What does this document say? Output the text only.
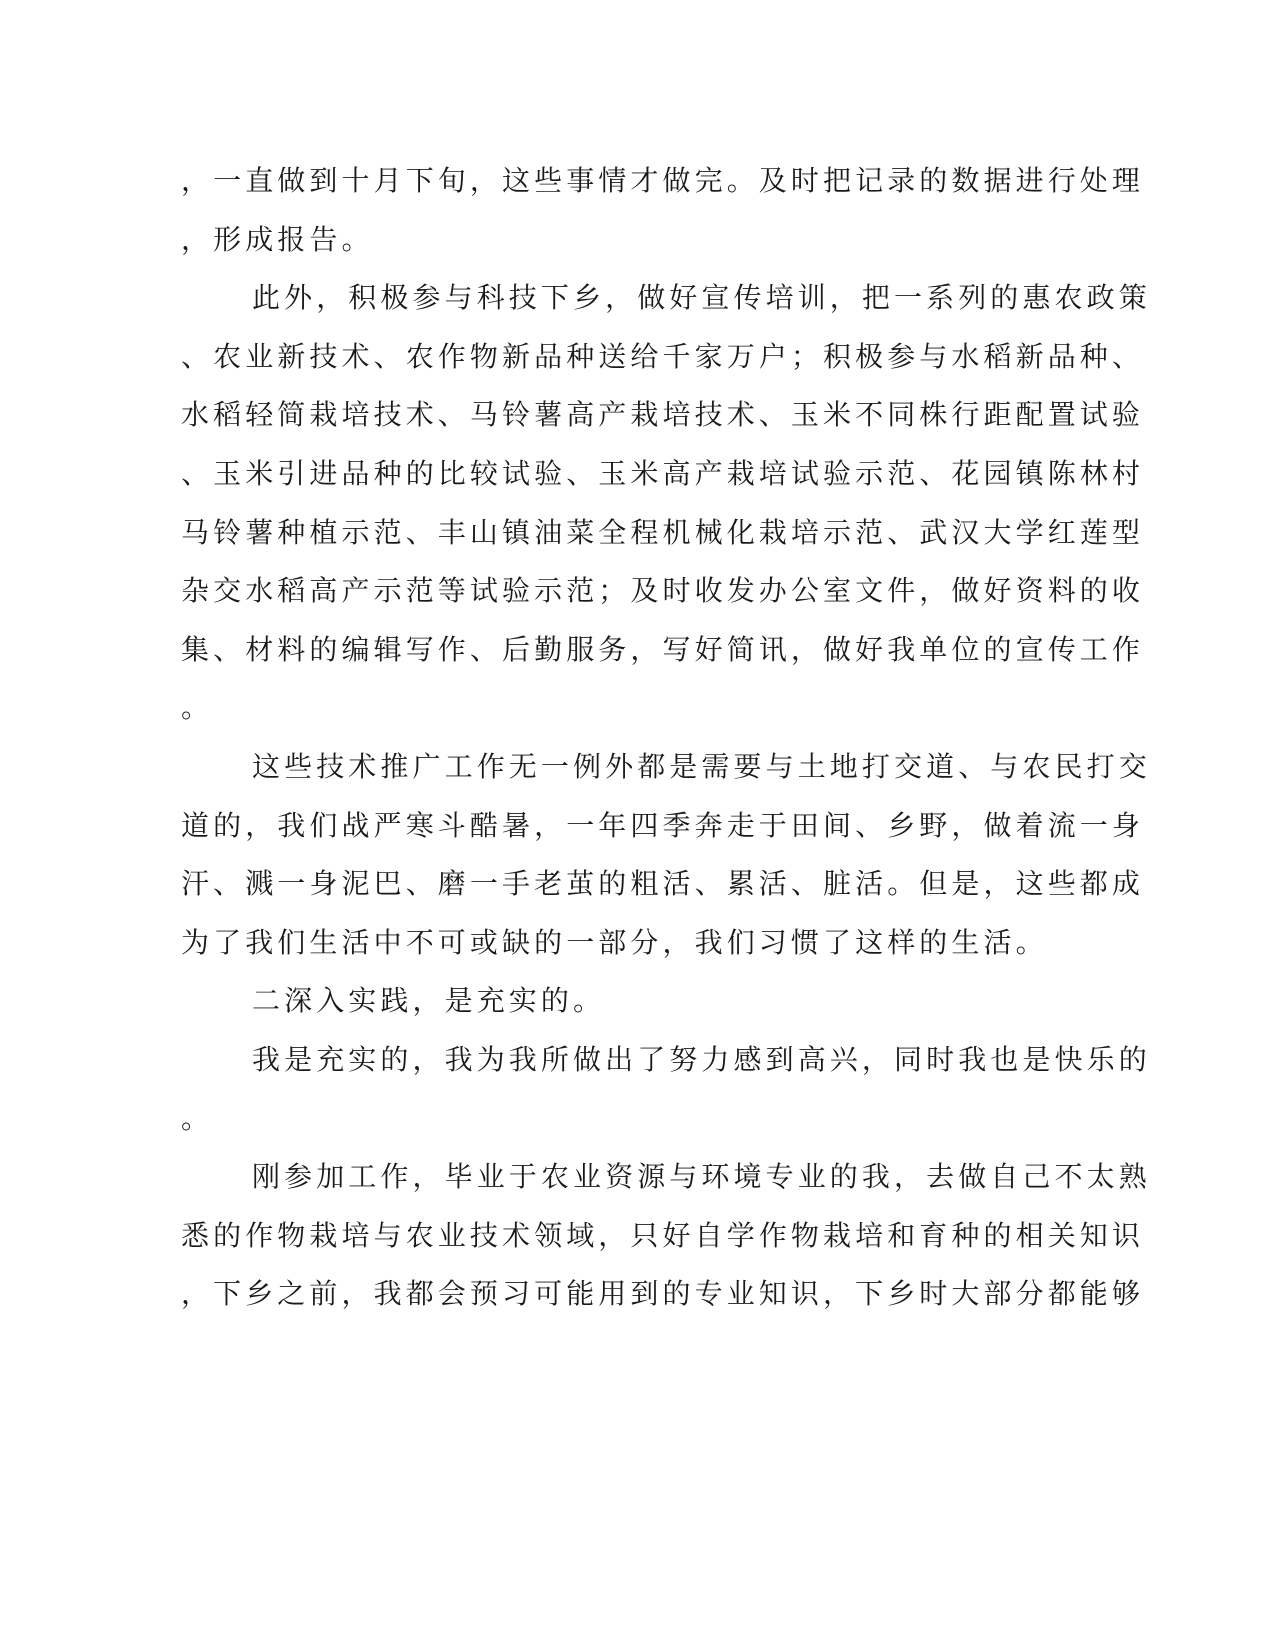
，一直做到十月下旬，这些事情才做完。及时把记录的数据进行处理
，形成报告。
此外，积极参与科技下乡，做好宣传培训，把一系列的惠农政策
、农业新技术、农作物新品种送给千家万户；积极参与水稻新品种、
水稻轻简栽培技术、马铃薯高产栽培技术、玉米不同株行距配置试验
、玉米引进品种的比较试验、玉米高产栽培试验示范、花园镇陈林村
马铃薯种植示范、丰山镇油菜全程机械化栽培示范、武汉大学红莲型
杂交水稻高产示范等试验示范；及时收发办公室文件，做好资料的收
集、材料的编辑写作、后勤服务，写好简讯，做好我单位的宣传工作
。
这些技术推广工作无一例外都是需要与土地打交道、与农民打交
道的，我们战严寒斗酷暑，一年四季奔走于田间、乡野，做着流一身
汗、溅一身泥巴、磨一手老茧的粗活、累活、脏活。但是，这些都成
为了我们生活中不可或缺的一部分，我们习惯了这样的生活。
二深入实践，是充实的。
我是充实的，我为我所做出了努力感到高兴，同时我也是快乐的
。
刚参加工作，毕业于农业资源与环境专业的我，去做自己不太熟
悉的作物栽培与农业技术领域，只好自学作物栽培和育种的相关知识
，下乡之前，我都会预习可能用到的专业知识，下乡时大部分都能够
